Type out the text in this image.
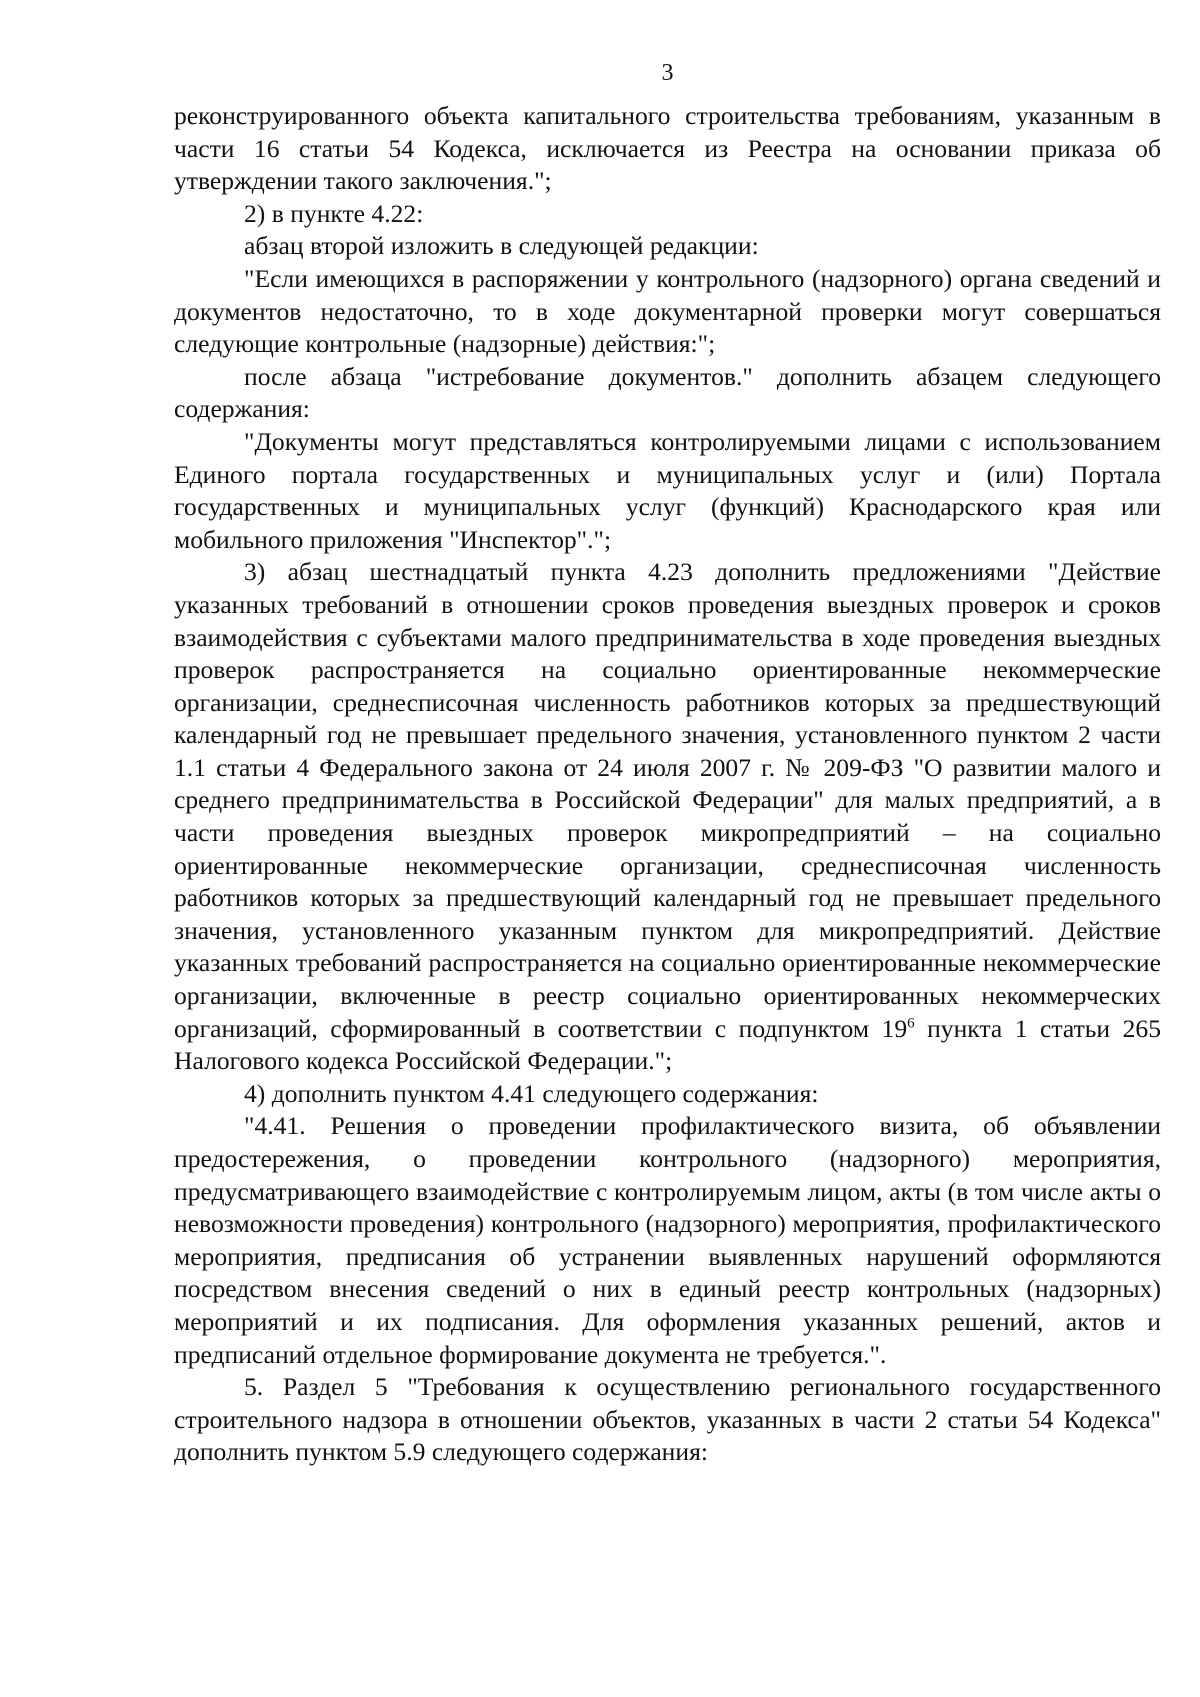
3

реконструированного объекта капитального строительства требованиям, указанным в части 16 статьи 54 Кодекса, исключается из Реестра на основании приказа об утверждении такого заключения.";

2) в пункте 4.22:

абзац второй изложить в следующей редакции:

"Если имеющихся в распоряжении у контрольного (надзорного) органа сведений и документов недостаточно, то в ходе документарной проверки могут совершаться следующие контрольные (надзорные) действия:";

после абзаца "истребование документов." дополнить абзацем следующего содержания:

"Документы могут представляться контролируемыми лицами с использованием Единого портала государственных и муниципальных услуг и (или) Портала государственных и муниципальных услуг (функций) Краснодарского края или мобильного приложения "Инспектор".";

3) абзац шестнадцатый пункта 4.23 дополнить предложениями "Действие указанных требований в отношении сроков проведения выездных проверок и сроков взаимодействия с субъектами малого предпринимательства в ходе проведения выездных проверок распространяется на социально ориентированные некоммерческие организации, среднесписочная численность работников которых за предшествующий календарный год не превышает предельного значения, установленного пунктом 2 части 1.1 статьи 4 Федерального закона от 24 июля 2007 г. № 209-ФЗ "О развитии малого и среднего предпринимательства в Российской Федерации" для малых предприятий, а в части проведения выездных проверок микропредприятий – на социально ориентированные некоммерческие организации, среднесписочная численность работников которых за предшествующий календарный год не превышает предельного значения, установленного указанным пунктом для микропредприятий. Действие указанных требований распространяется на социально ориентированные некоммерческие организации, включенные в реестр социально ориентированных некоммерческих организаций, сформированный в соответствии с подпунктом $19^6$ пункта 1 статьи 265 Налогового кодекса Российской Федерации.";

4) дополнить пунктом 4.41 следующего содержания:

"4.41. Решения о проведении профилактического визита, об объявлении предостережения, о проведении контрольного (надзорного) мероприятия, предусматривающего взаимодействие с контролируемым лицом, акты (в том числе акты о невозможности проведения) контрольного (надзорного) мероприятия, профилактического мероприятия, предписания об устранении выявленных нарушений оформляются посредством внесения сведений о них в единый реестр контрольных (надзорных) мероприятий и их подписания. Для оформления указанных решений, актов и предписаний отдельное формирование документа не требуется.".

5. Раздел 5 "Требования к осуществлению регионального государственного строительного надзора в отношении объектов, указанных в части 2 статьи 54 Кодекса" дополнить пунктом 5.9 следующего содержания:
